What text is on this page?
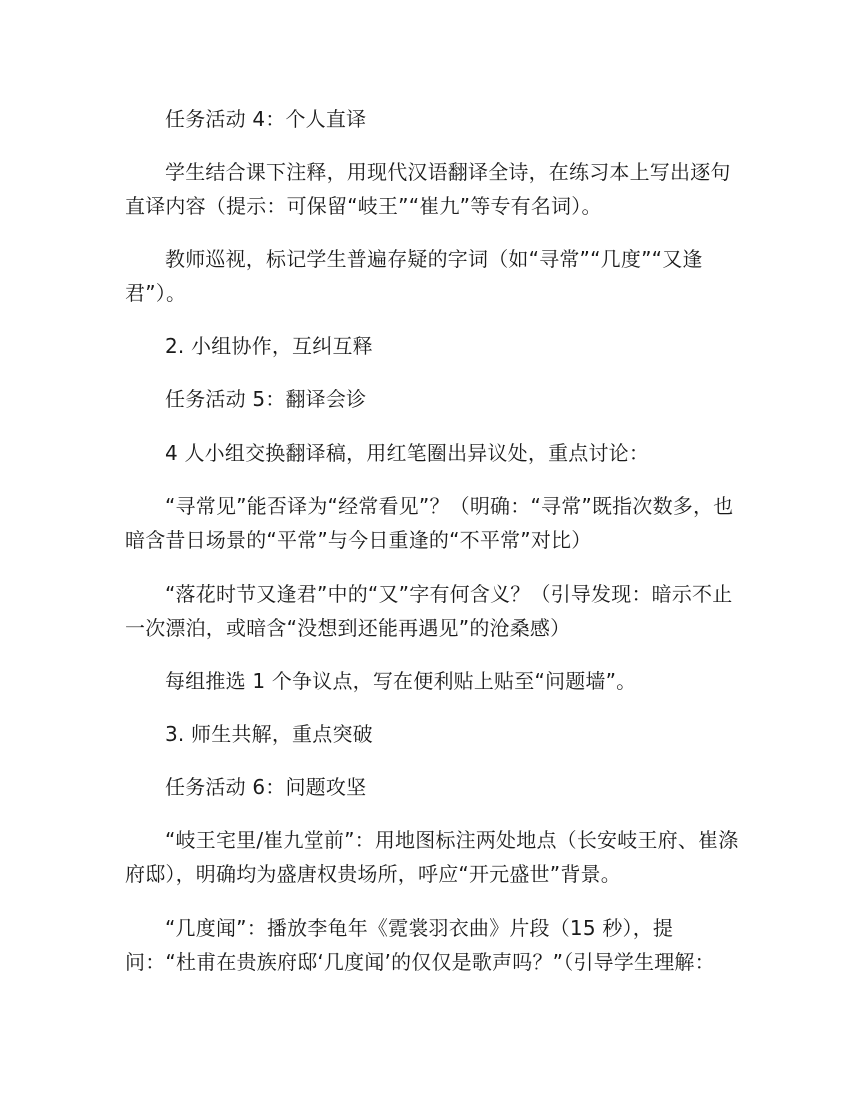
任务活动 4：个人直译

学生结合课下注释，用现代汉语翻译全诗，在练习本上写出逐句直译内容（提示：可保留“岐王”“崔九”等专有名词）。

教师巡视，标记学生普遍存疑的字词（如“寻常”“几度”“又逢君”）。

2. 小组协作，互纠互释

任务活动 5：翻译会诊

4 人小组交换翻译稿，用红笔圈出异议处，重点讨论：

“寻常见”能否译为“经常看见”？（明确：“寻常”既指次数多，也暗含昔日场景的“平常”与今日重逢的“不平常”对比）

“落花时节又逢君”中的“又”字有何含义？（引导发现：暗示不止一次漂泊，或暗含“没想到还能再遇见”的沧桑感）

每组推选 1 个争议点，写在便利贴上贴至“问题墙”。

3. 师生共解，重点突破

任务活动 6：问题攻坚

“岐王宅里/崔九堂前”：用地图标注两处地点（长安岐王府、崔涤府邸），明确均为盛唐权贵场所，呼应“开元盛世”背景。

“几度闻”：播放李龟年《霓裳羽衣曲》片段（15 秒），提问：“杜甫在贵族府邸‘几度闻’的仅仅是歌声吗？”（引导学生理解：
